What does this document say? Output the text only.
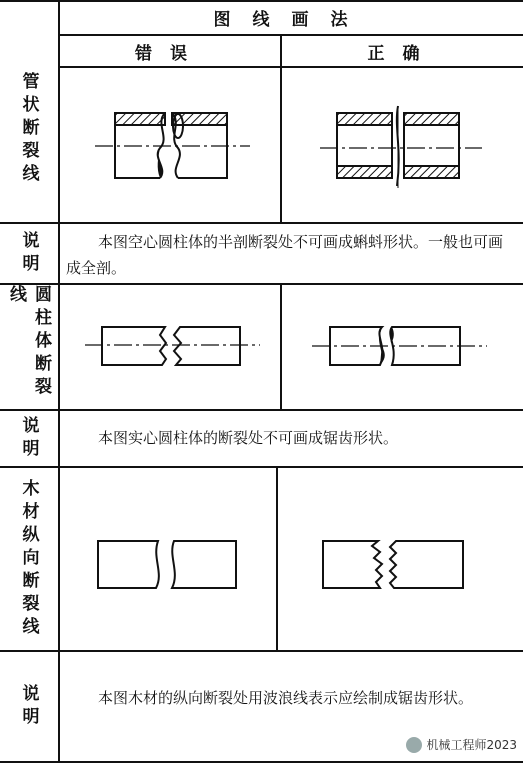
图线画法
错误	正确
管状断裂线
说明
圆柱体断裂线
说明
木材纵向断裂线
说明
本图空心圆柱体的半剖断裂处不可画成蝌蚪形状。一般也可画成全剖。
本图实心圆柱体的断裂处不可画成锯齿形状。
本图木材的纵向断裂处用波浪线表示应绘制成锯齿形状。
机械工程师2023
